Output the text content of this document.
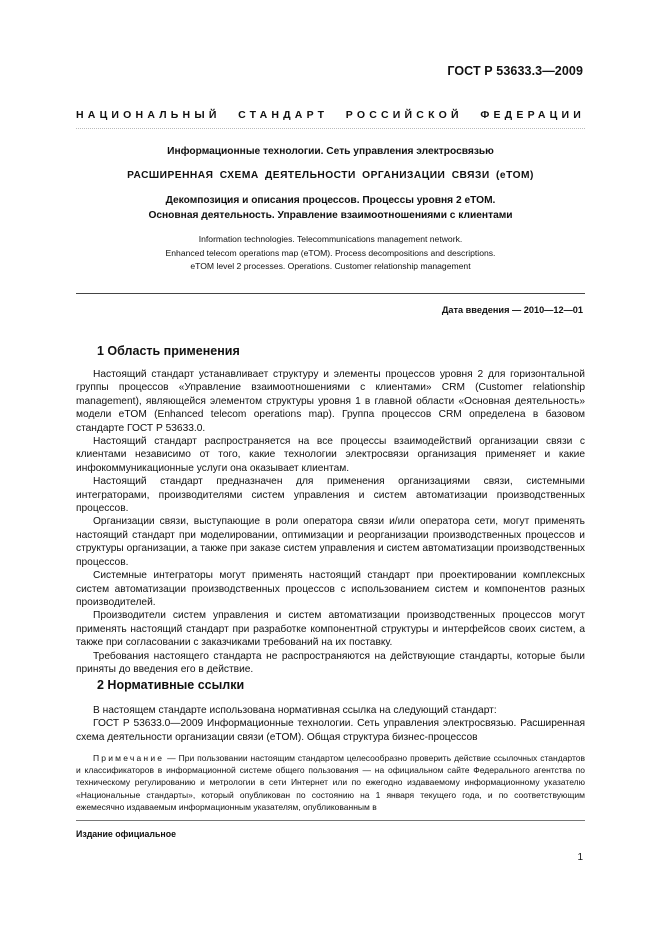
ГОСТ Р 53633.3—2009
НАЦИОНАЛЬНЫЙ СТАНДАРТ РОССИЙСКОЙ ФЕДЕРАЦИИ
Информационные технологии. Сеть управления электросвязью
РАСШИРЕННАЯ СХЕМА ДЕЯТЕЛЬНОСТИ ОРГАНИЗАЦИИ СВЯЗИ (eTOM)
Декомпозиция и описания процессов. Процессы уровня 2 eTOM.
Основная деятельность. Управление взаимоотношениями с клиентами
Information technologies. Telecommunications management network.
Enhanced telecom operations map (eTOM). Process decompositions and descriptions.
eTOM level 2 processes. Operations. Customer relationship management
Дата введения — 2010—12—01
1 Область применения

Настоящий стандарт устанавливает структуру и элементы процессов уровня 2 для горизонтальной группы процессов «Управление взаимоотношениями с клиентами» CRM (Customer relationship management), являющейся элементом структуры уровня 1 в главной области «Основная деятельность» модели eTOM (Enhanced telecom operations map). Группа процессов CRM определена в базовом стандарте ГОСТ Р 53633.0.

Настоящий стандарт распространяется на все процессы взаимодействий организации связи с клиентами независимо от того, какие технологии электросвязи организация применяет и какие инфокоммуникационные услуги она оказывает клиентам.

Настоящий стандарт предназначен для применения организациями связи, системными интеграторами, производителями систем управления и систем автоматизации производственных процессов.

Организации связи, выступающие в роли оператора связи и/или оператора сети, могут применять настоящий стандарт при моделировании, оптимизации и реорганизации производственных процессов и структуры организации, а также при заказе систем управления и систем автоматизации производственных процессов.

Системные интеграторы могут применять настоящий стандарт при проектировании комплексных систем автоматизации производственных процессов с использованием систем и компонентов разных производителей.

Производители систем управления и систем автоматизации производственных процессов могут применять настоящий стандарт при разработке компонентной структуры и интерфейсов своих систем, а также при согласовании с заказчиками требований на их поставку.

Требования настоящего стандарта не распространяются на действующие стандарты, которые были приняты до введения его в действие.

2 Нормативные ссылки

В настоящем стандарте использована нормативная ссылка на следующий стандарт:

ГОСТ Р 53633.0—2009 Информационные технологии. Сеть управления электросвязью. Расширенная схема деятельности организации связи (eTOM). Общая структура бизнес-процессов

Примечание — При пользовании настоящим стандартом целесообразно проверить действие ссылочных стандартов и классификаторов в информационной системе общего пользования — на официальном сайте Федерального агентства по техническому регулированию и метрологии в сети Интернет или по ежегодно издаваемому информационному указателю «Национальные стандарты», который опубликован по состоянию на 1 января текущего года, и по соответствующим ежемесячно издаваемым информационным указателям, опубликованным в

Издание официальное
1
